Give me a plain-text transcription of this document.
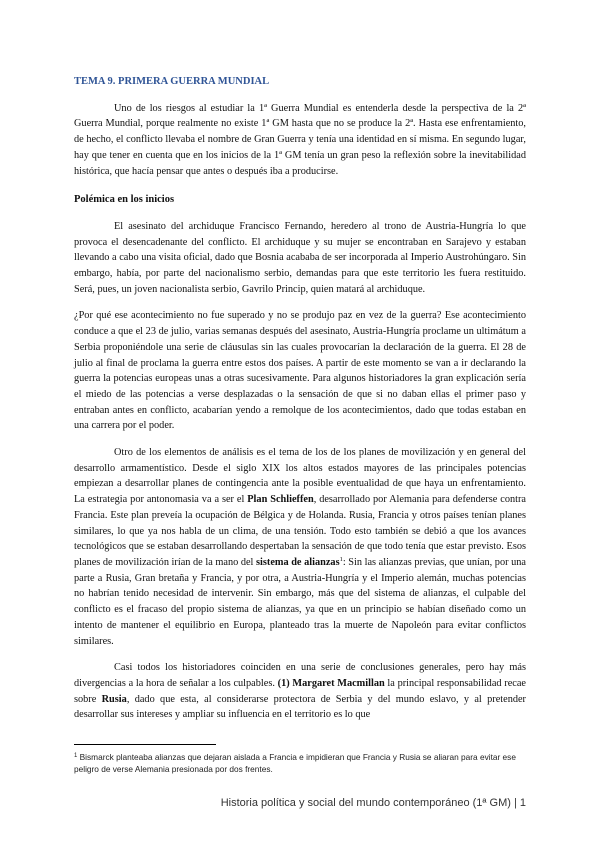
TEMA 9. PRIMERA GUERRA MUNDIAL

Uno de los riesgos al estudiar la 1ª Guerra Mundial es entenderla desde la perspectiva de la 2ª Guerra Mundial, porque realmente no existe 1ª GM hasta que no se produce la 2ª. Hasta ese enfrentamiento, de hecho, el conflicto llevaba el nombre de Gran Guerra y tenía una identidad en sí misma. En segundo lugar, hay que tener en cuenta que en los inicios de la 1ª GM tenía un gran peso la reflexión sobre la inevitabilidad histórica, que hacía pensar que antes o después iba a producirse.

Polémica en los inicios

El asesinato del archiduque Francisco Fernando, heredero al trono de Austria-Hungría lo que provoca el desencadenante del conflicto. El archiduque y su mujer se encontraban en Sarajevo y estaban llevando a cabo una visita oficial, dado que Bosnia acababa de ser incorporada al Imperio Austrohúngaro. Sin embargo, había, por parte del nacionalismo serbio, demandas para que este territorio les fuera restituido. Será, pues, un joven nacionalista serbio, Gavrilo Princip, quien matará al archiduque.

¿Por qué ese acontecimiento no fue superado y no se produjo paz en vez de la guerra? Ese acontecimiento conduce a que el 23 de julio, varias semanas después del asesinato, Austria-Hungría proclame un ultimátum a Serbia proponiéndole una serie de cláusulas sin las cuales provocarían la declaración de la guerra. El 28 de julio al final de proclama la guerra entre estos dos países. A partir de este momento se van a ir declarando la guerra la potencias europeas unas a otras sucesivamente. Para algunos historiadores la gran explicación sería el miedo de las potencias a verse desplazadas o la sensación de que si no daban ellas el primer paso y entraban antes en conflicto, acabarían yendo a remolque de los acontecimientos, dado que todas estaban en una carrera por el poder.

Otro de los elementos de análisis es el tema de los de los planes de movilización y en general del desarrollo armamentístico. Desde el siglo XIX los altos estados mayores de las principales potencias empiezan a desarrollar planes de contingencia ante la posible eventualidad de que haya un enfrentamiento. La estrategia por antonomasia va a ser el Plan Schlieffen, desarrollado por Alemania para defenderse contra Francia. Este plan preveía la ocupación de Bélgica y de Holanda. Rusia, Francia y otros países tenían planes similares, lo que ya nos habla de un clima, de una tensión. Todo esto también se debió a que los avances tecnológicos que se estaban desarrollando despertaban la sensación de que todo tenía que estar previsto. Esos planes de movilización irían de la mano del sistema de alianzas$^1$: Sin las alianzas previas, que unían, por una parte a Rusia, Gran bretaña y Francia, y por otra, a Austria-Hungría y el Imperio alemán, muchas potencias no habrían tenido necesidad de intervenir. Sin embargo, más que del sistema de alianzas, el culpable del conflicto es el fracaso del propio sistema de alianzas, ya que en un principio se habían diseñado como un intento de mantener el equilibrio en Europa, planteado tras la muerte de Napoleón para evitar conflictos similares.

Casi todos los historiadores coinciden en una serie de conclusiones generales, pero hay más divergencias a la hora de señalar a los culpables. (1) Margaret Macmillan la principal responsabilidad recae sobre Rusia, dado que esta, al considerarse protectora de Serbia y del mundo eslavo, y al pretender desarrollar sus intereses y ampliar su influencia en el territorio es lo que

$^1$ Bismarck planteaba alianzas que dejaran aislada a Francia e impidieran que Francia y Rusia se aliaran para evitar ese peligro de verse Alemania presionada por dos frentes.
Historia política y social del mundo contemporáneo (1ª GM) | 1
